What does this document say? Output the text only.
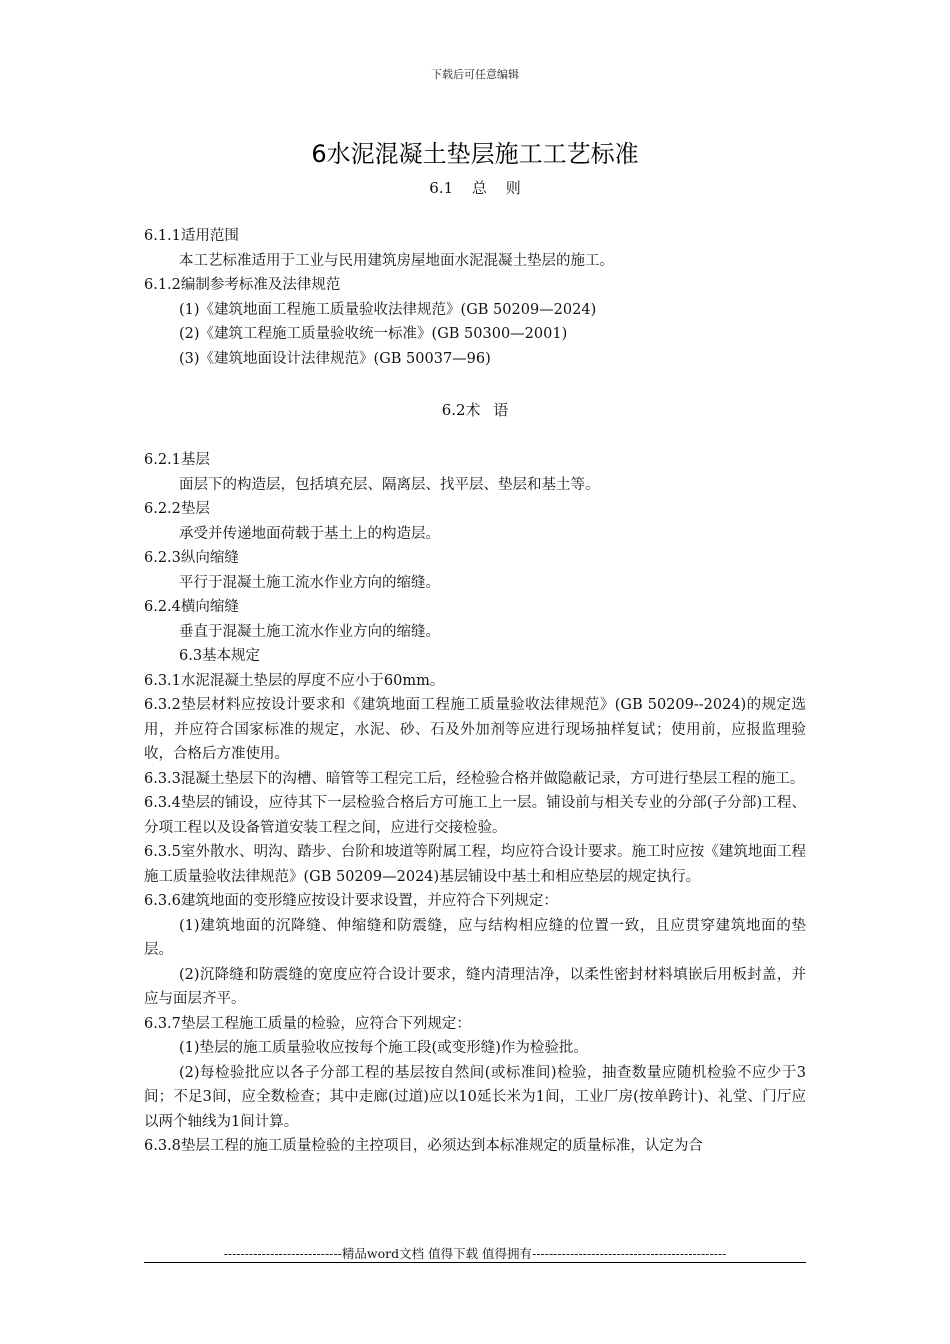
下载后可任意编辑
6水泥混凝土垫层施工工艺标准
6.1 总 则

6.1.1适用范围

本工艺标准适用于工业与民用建筑房屋地面水泥混凝土垫层的施工。

6.1.2编制参考标准及法律规范

(1)《建筑地面工程施工质量验收法律规范》(GB 50209—2024)

(2)《建筑工程施工质量验收统一标准》(GB 50300—2001)

(3)《建筑地面设计法律规范》(GB 50037—96)

6.2术 语

6.2.1基层

面层下的构造层，包括填充层、隔离层、找平层、垫层和基土等。

6.2.2垫层

承受并传递地面荷载于基土上的构造层。

6.2.3纵向缩缝

平行于混凝土施工流水作业方向的缩缝。

6.2.4横向缩缝

垂直于混凝土施工流水作业方向的缩缝。

6.3基本规定

6.3.1水泥混凝土垫层的厚度不应小于60mm。

6.3.2垫层材料应按设计要求和《建筑地面工程施工质量验收法律规范》(GB 50209--2024)的规定选用，并应符合国家标准的规定，水泥、砂、石及外加剂等应进行现场抽样复试；使用前，应报监理验收，合格后方准使用。

6.3.3混凝土垫层下的沟槽、暗管等工程完工后，经检验合格并做隐蔽记录，方可进行垫层工程的施工。

6.3.4垫层的铺设，应待其下一层检验合格后方可施工上一层。铺设前与相关专业的分部(子分部)工程、分项工程以及设备管道安装工程之间，应进行交接检验。

6.3.5室外散水、明沟、踏步、台阶和坡道等附属工程，均应符合设计要求。施工时应按《建筑地面工程施工质量验收法律规范》(GB 50209—2024)基层铺设中基土和相应垫层的规定执行。

6.3.6建筑地面的变形缝应按设计要求设置，并应符合下列规定：

(1)建筑地面的沉降缝、伸缩缝和防震缝，应与结构相应缝的位置一致，且应贯穿建筑地面的垫层。

(2)沉降缝和防震缝的宽度应符合设计要求，缝内清理洁净，以柔性密封材料填嵌后用板封盖，并应与面层齐平。

6.3.7垫层工程施工质量的检验，应符合下列规定：

(1)垫层的施工质量验收应按每个施工段(或变形缝)作为检验批。

(2)每检验批应以各子分部工程的基层按自然间(或标准间)检验，抽查数量应随机检验不应少于3间；不足3间，应全数检查；其中走廊(过道)应以10延长米为1间，工业厂房(按单跨计)、礼堂、门厅应以两个轴线为1间计算。

6.3.8垫层工程的施工质量检验的主控项目，必须达到本标准规定的质量标准，认定为合

----------------------------精品word文档 值得下载 值得拥有----------------------------------------------
